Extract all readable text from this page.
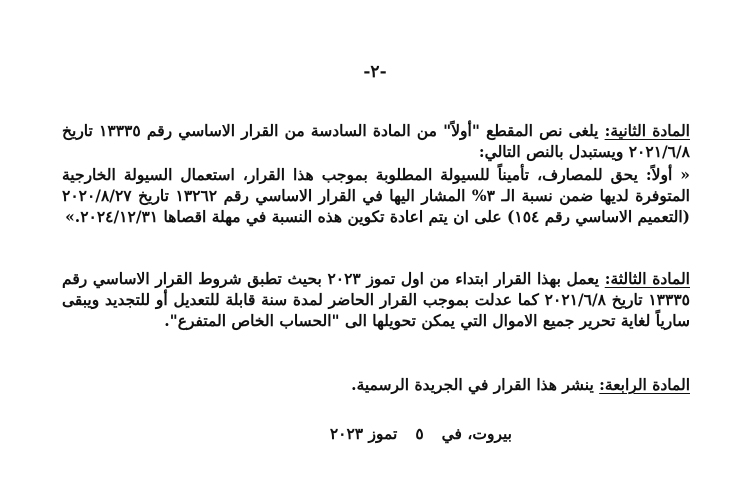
-٢-
المادة الثانية: يلغى نص المقطع "أولاً" من المادة السادسة من القرار الاساسي رقم ١٣٣٣٥ تاريخ ٢٠٢١/٦/٨ ويستبدل بالنص التالي:
« أولاً: يحق للمصارف، تأميناً للسيولة المطلوبة بموجب هذا القرار، استعمال السيولة الخارجية المتوفرة لديها ضمن نسبة الـ ٣% المشار اليها في القرار الاساسي رقم ١٣٢٦٢ تاريخ ٢٠٢٠/٨/٢٧ (التعميم الاساسي رقم ١٥٤) على ان يتم اعادة تكوين هذه النسبة في مهلة اقصاها ٢٠٢٤/١٢/٣١.»
المادة الثالثة: يعمل بهذا القرار ابتداء من اول تموز ٢٠٢٣ بحيث تطبق شروط القرار الاساسي رقم ١٣٣٣٥ تاريخ ٢٠٢١/٦/٨ كما عدلت بموجب القرار الحاضر لمدة سنة قابلة للتعديل أو للتجديد ويبقى سارياً لغاية تحرير جميع الاموال التي يمكن تحويلها الى "الحساب الخاص المتفرع".
المادة الرابعة: ينشر هذا القرار في الجريدة الرسمية.
بيروت، في٥تموز ٢٠٢٣
